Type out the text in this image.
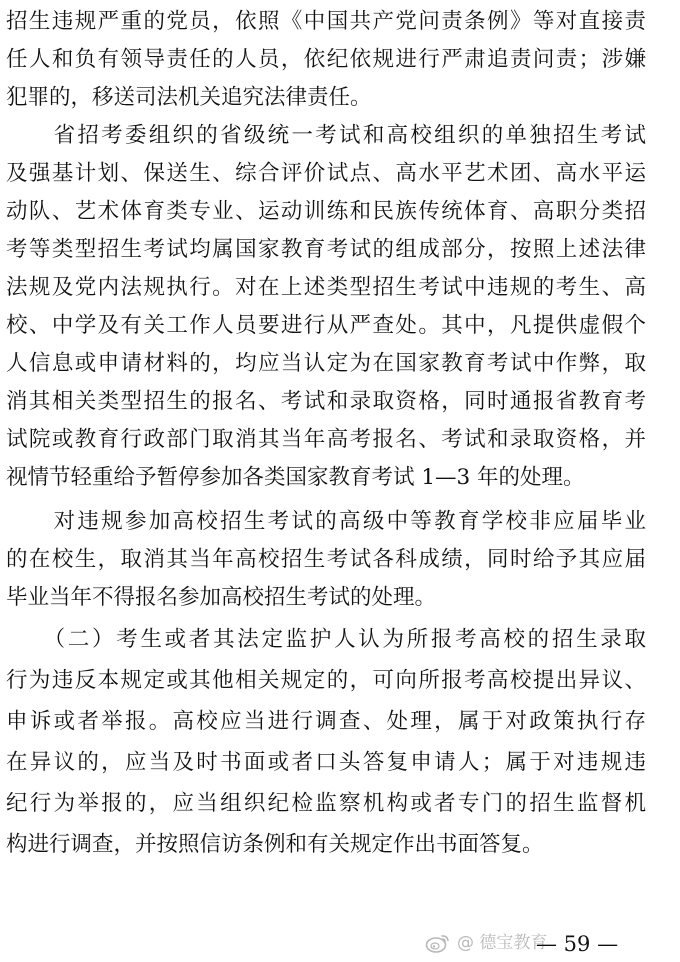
招生违规严重的党员，依照《中国共产党问责条例》等对直接责
任人和负有领导责任的人员，依纪依规进行严肃追责问责；涉嫌
犯罪的，移送司法机关追究法律责任。
　　省招考委组织的省级统一考试和高校组织的单独招生考试
及强基计划、保送生、综合评价试点、高水平艺术团、高水平运
动队、艺术体育类专业、运动训练和民族传统体育、高职分类招
考等类型招生考试均属国家教育考试的组成部分，按照上述法律
法规及党内法规执行。对在上述类型招生考试中违规的考生、高
校、中学及有关工作人员要进行从严查处。其中，凡提供虚假个
人信息或申请材料的，均应当认定为在国家教育考试中作弊，取
消其相关类型招生的报名、考试和录取资格，同时通报省教育考
试院或教育行政部门取消其当年高考报名、考试和录取资格，并
视情节轻重给予暂停参加各类国家教育考试 1—3 年的处理。
　　对违规参加高校招生考试的高级中等教育学校非应届毕业
的在校生，取消其当年高校招生考试各科成绩，同时给予其应届
毕业当年不得报名参加高校招生考试的处理。
　　（二）考生或者其法定监护人认为所报考高校的招生录取
行为违反本规定或其他相关规定的，可向所报考高校提出异议、
申诉或者举报。高校应当进行调查、处理，属于对政策执行存
在异议的，应当及时书面或者口头答复申请人；属于对违规违
纪行为举报的，应当组织纪检监察机构或者专门的招生监督机
构进行调查，并按照信访条例和有关规定作出书面答复。
@ 德宝教育
— 59 —
